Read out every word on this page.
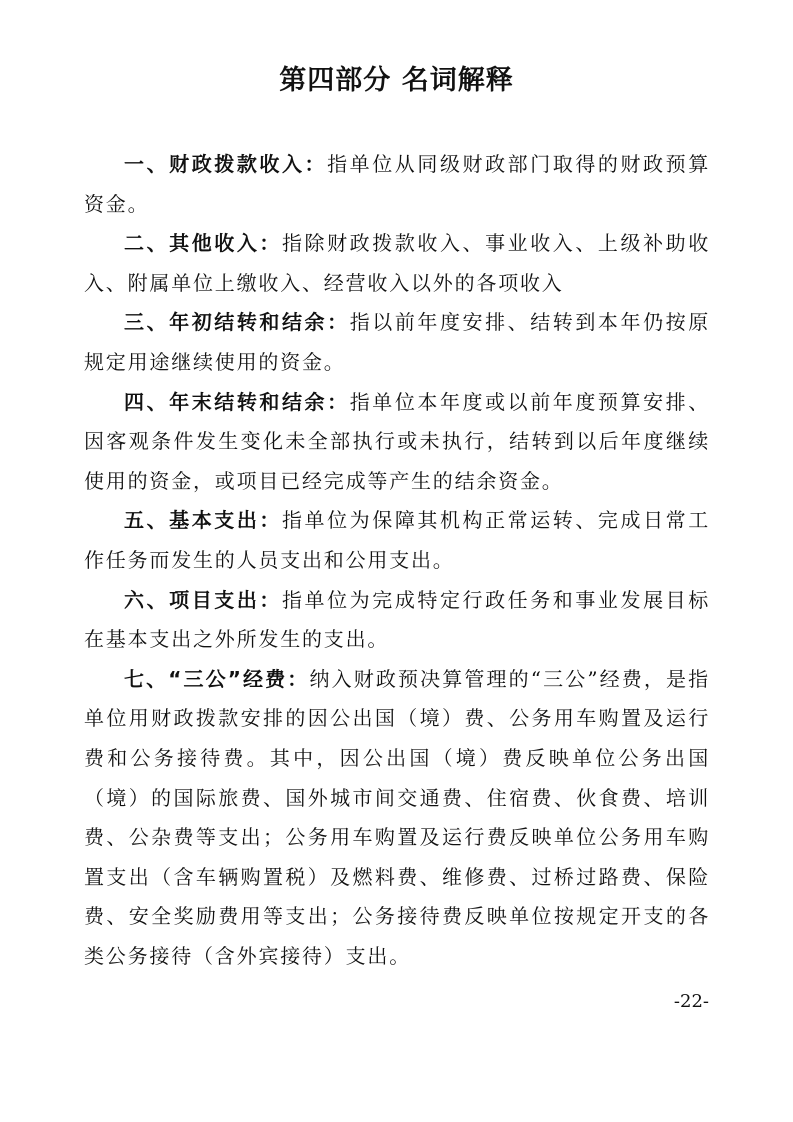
第四部分 名词解释

一、财政拨款收入：指单位从同级财政部门取得的财政预算资金。

二、其他收入：指除财政拨款收入、事业收入、上级补助收入、附属单位上缴收入、经营收入以外的各项收入

三、年初结转和结余：指以前年度安排、结转到本年仍按原规定用途继续使用的资金。

四、年末结转和结余：指单位本年度或以前年度预算安排、因客观条件发生变化未全部执行或未执行，结转到以后年度继续使用的资金，或项目已经完成等产生的结余资金。

五、基本支出：指单位为保障其机构正常运转、完成日常工作任务而发生的人员支出和公用支出。

六、项目支出：指单位为完成特定行政任务和事业发展目标在基本支出之外所发生的支出。

七、“三公”经费：纳入财政预决算管理的“三公”经费，是指单位用财政拨款安排的因公出国（境）费、公务用车购置及运行费和公务接待费。其中，因公出国（境）费反映单位公务出国（境）的国际旅费、国外城市间交通费、住宿费、伙食费、培训费、公杂费等支出；公务用车购置及运行费反映单位公务用车购置支出（含车辆购置税）及燃料费、维修费、过桥过路费、保险费、安全奖励费用等支出；公务接待费反映单位按规定开支的各类公务接待（含外宾接待）支出。

-22-
